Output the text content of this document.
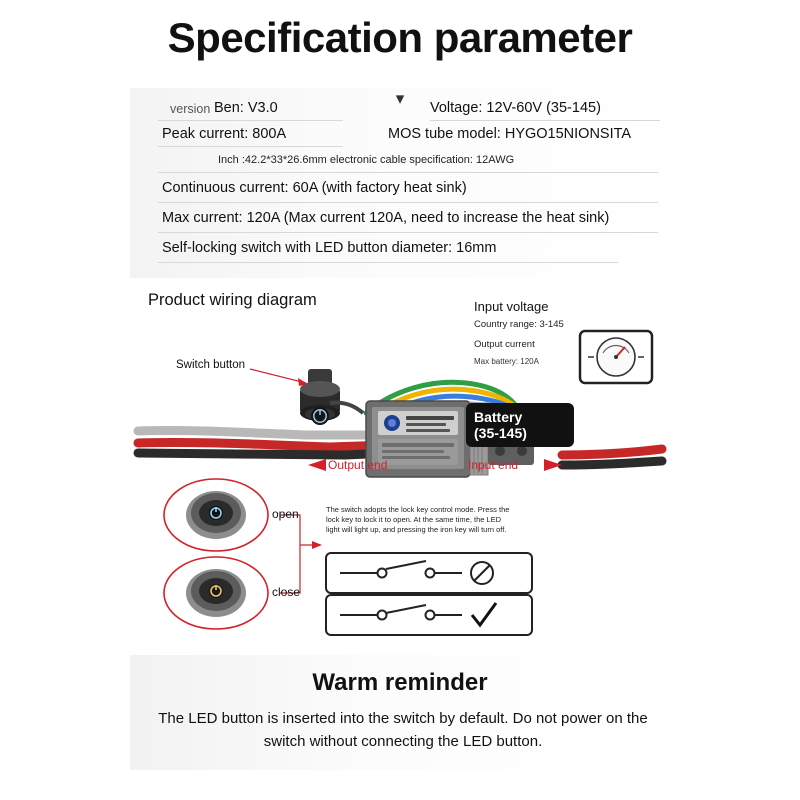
Specification parameter
▾
version Ben: V3.0	Voltage: 12V-60V (35-145)
Peak current: 800A	MOS tube model: HYGO15NIONSITA
Inch :42.2*33*26.6mm electronic cable specification: 12AWG
Continuous current: 60A (with factory heat sink)
Max current: 120A (Max current 120A, need to increase the heat sink)
Self-locking switch with LED button diameter: 16mm
Product wiring diagram
Switch button
Input voltage
Country range: 3-145
Output current
Max battery: 120A
Battery
(35-145)
Output end	Input end
open
close
The switch adopts the lock key control mode. Press the lock key to lock it to open. At the same time, the LED light will light up, and pressing the iron key will turn off.
Warm reminder
The LED button is inserted into the switch by default. Do not power on the switch without connecting the LED button.
